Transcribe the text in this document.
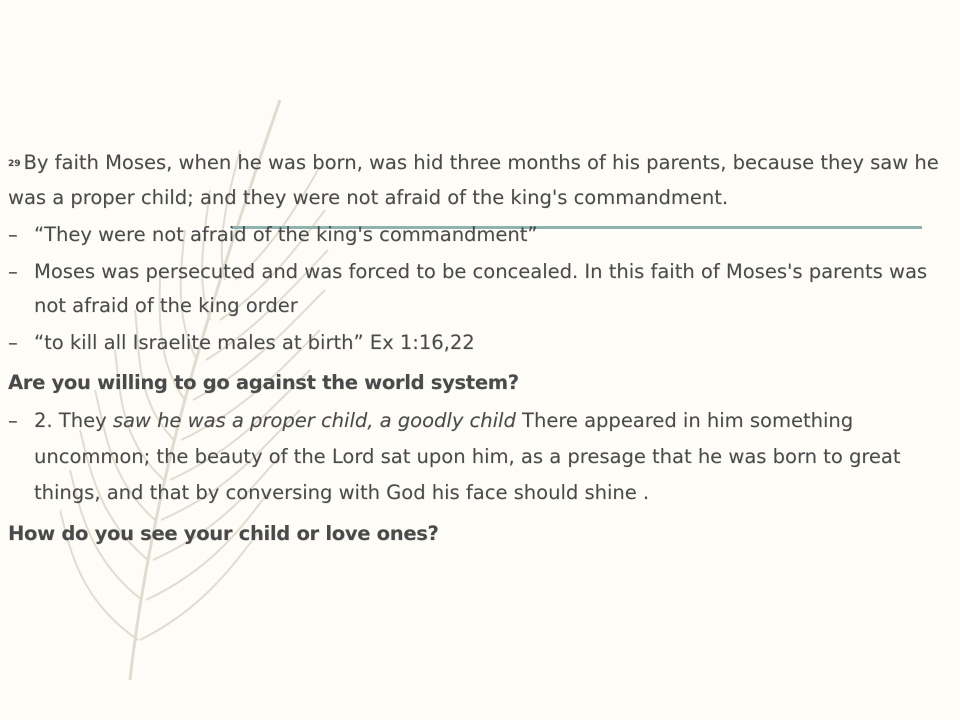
29 By faith Moses, when he was born, was hid three months of his parents, because they saw he was a proper child; and they were not afraid of the king's commandment.

– “They were not afraid of the king's commandment”
– Moses was persecuted and was forced to be concealed. In this faith of Moses's parents was not afraid of the king order
– “to kill all Israelite males at birth” Ex 1:16,22

Are you willing to go against the world system?

– 2. They saw he was a proper child, a goodly child There appeared in him something uncommon; the beauty of the Lord sat upon him, as a presage that he was born to great things, and that by conversing with God his face should shine .

How do you see your child or love ones?
